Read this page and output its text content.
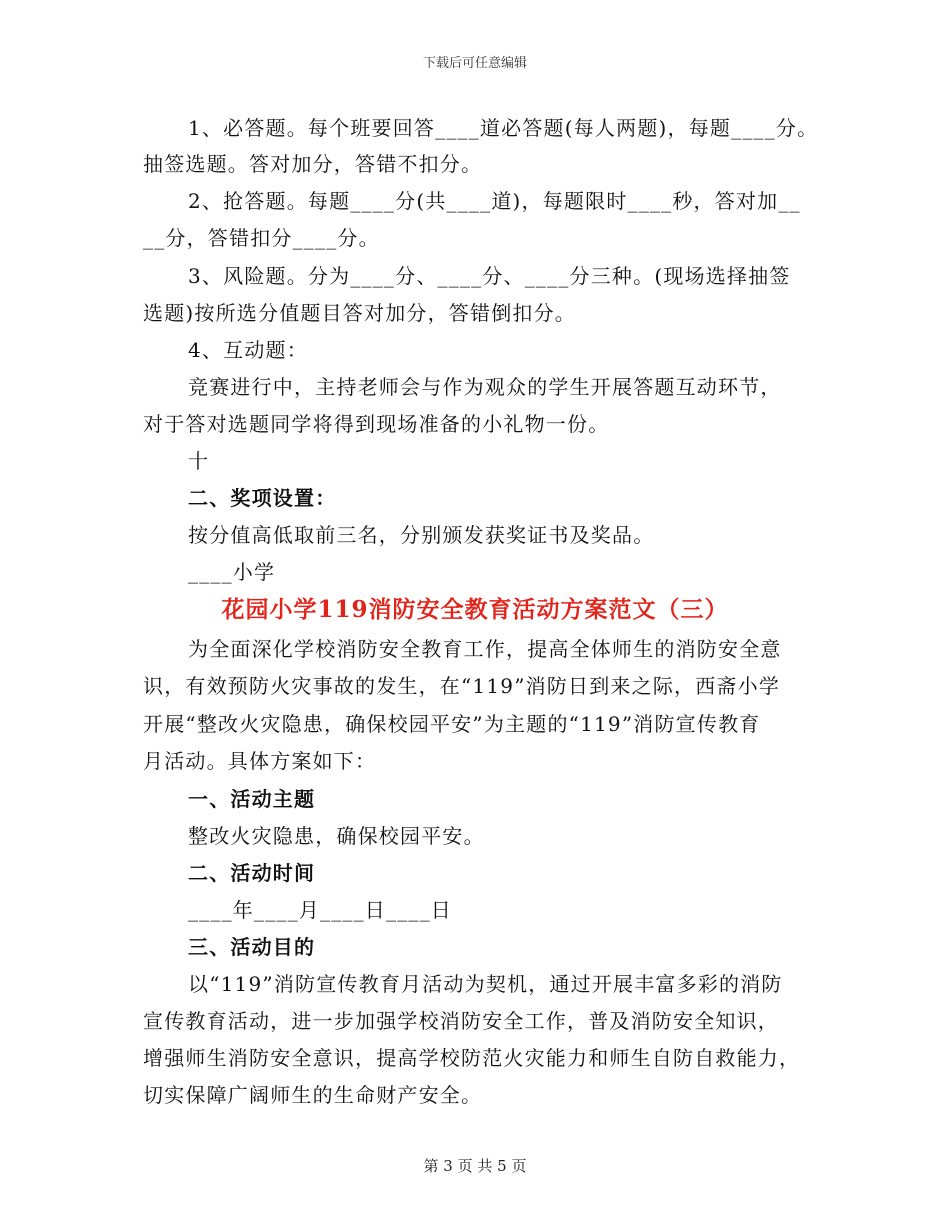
下载后可任意编辑
1、必答题。每个班要回答____道必答题(每人两题)，每题____分。
抽签选题。答对加分，答错不扣分。
2、抢答题。每题____分(共____道)，每题限时____秒，答对加__
__分，答错扣分____分。
3、风险题。分为____分、____分、____分三种。(现场选择抽签
选题)按所选分值题目答对加分，答错倒扣分。
4、互动题：
竞赛进行中，主持老师会与作为观众的学生开展答题互动环节，
对于答对选题同学将得到现场准备的小礼物一份。
十
二、奖项设置：
按分值高低取前三名，分别颁发获奖证书及奖品。
____小学
花园小学119消防安全教育活动方案范文（三）
为全面深化学校消防安全教育工作，提高全体师生的消防安全意
识，有效预防火灾事故的发生，在“119”消防日到来之际，西斋小学
开展“整改火灾隐患，确保校园平安”为主题的“119”消防宣传教育
月活动。具体方案如下：
一、活动主题
整改火灾隐患，确保校园平安。
二、活动时间
____年____月____日____日
三、活动目的
以“119”消防宣传教育月活动为契机，通过开展丰富多彩的消防
宣传教育活动，进一步加强学校消防安全工作，普及消防安全知识，
增强师生消防安全意识，提高学校防范火灾能力和师生自防自救能力，
切实保障广阔师生的生命财产安全。
第 3 页 共 5 页
